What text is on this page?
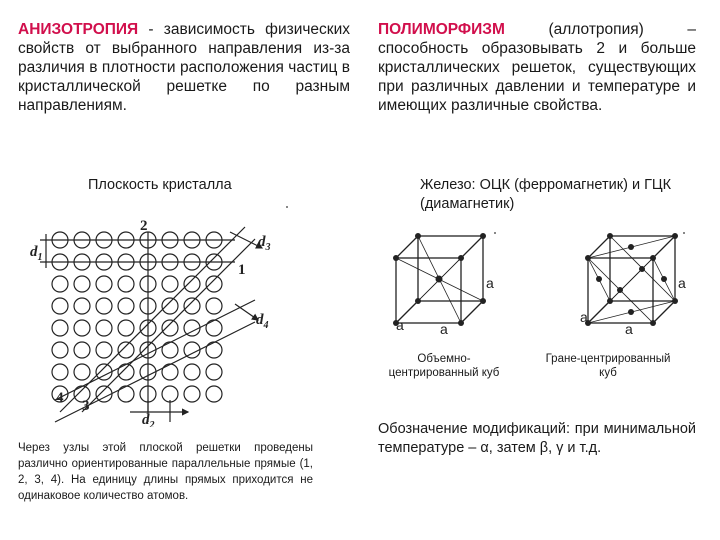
АНИЗОТРОПИЯ - зависимость физических свойств от выбранного направления из-за различия в плотности расположения частиц в кристаллической решетке по разным направлениям.
ПОЛИМОРФИЗМ (аллотропия) – способность образовывать 2 и больше кристаллических решеток, существующих при различных давлении и температуре и имеющих различные свойства.
Плоскость кристалла
2
1
4 3
$d_1$
$d_2$
$d_3$
$d_4$
Через узлы этой плоской решетки проведены различно ориентированные параллельные прямые (1, 2, 3, 4). На единицу длины прямых приходится не одинаковое количество атомов.
Железо: ОЦК (ферромагнетик) и ГЦК (диамагнетик)
a
a	a
a
a
a
Объемно-центрированный куб
Гране-центрированный куб
Обозначение модификаций: при минимальной температуре – α, затем β, γ и т.д.
